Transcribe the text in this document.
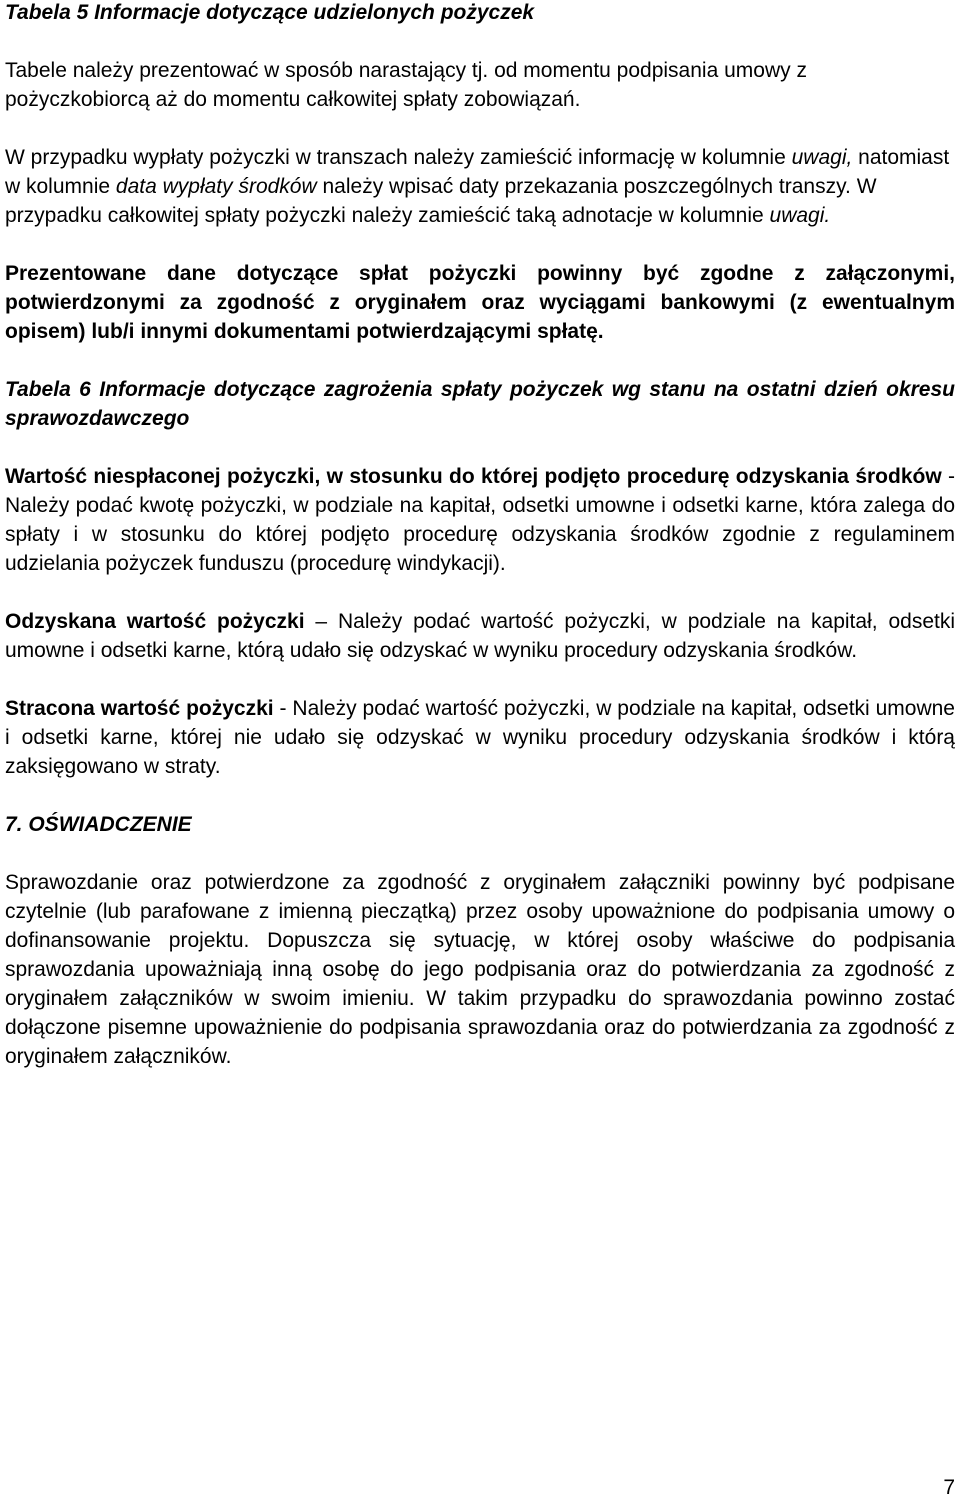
Tabela 5 Informacje dotyczące udzielonych pożyczek

Tabele należy prezentować w sposób narastający tj. od momentu podpisania umowy z pożyczkobiorcą aż do momentu całkowitej spłaty zobowiązań.

W przypadku wypłaty pożyczki w transzach należy zamieścić informację w kolumnie uwagi, natomiast w kolumnie data wypłaty środków należy wpisać daty przekazania poszczególnych transzy. W przypadku całkowitej spłaty pożyczki należy zamieścić taką adnotacje w kolumnie uwagi.

Prezentowane dane dotyczące spłat pożyczki powinny być zgodne z załączonymi, potwierdzonymi za zgodność z oryginałem oraz wyciągami bankowymi (z ewentualnym opisem) lub/i innymi dokumentami potwierdzającymi spłatę.

Tabela 6 Informacje dotyczące zagrożenia spłaty pożyczek wg stanu na ostatni dzień okresu sprawozdawczego

Wartość niespłaconej pożyczki, w stosunku do której podjęto procedurę odzyskania środków - Należy podać kwotę pożyczki, w podziale na kapitał, odsetki umowne i odsetki karne, która zalega do spłaty i w stosunku do której podjęto procedurę odzyskania środków zgodnie z regulaminem udzielania pożyczek funduszu (procedurę windykacji).

Odzyskana wartość pożyczki – Należy podać wartość pożyczki, w podziale na kapitał, odsetki umowne i odsetki karne, którą udało się odzyskać w wyniku procedury odzyskania środków.

Stracona wartość pożyczki - Należy podać wartość pożyczki, w podziale na kapitał, odsetki umowne i odsetki karne, której nie udało się odzyskać w wyniku procedury odzyskania środków i którą zaksięgowano w straty.

7. OŚWIADCZENIE

Sprawozdanie oraz potwierdzone za zgodność z oryginałem załączniki powinny być podpisane czytelnie (lub parafowane z imienną pieczątką) przez osoby upoważnione do podpisania umowy o dofinansowanie projektu. Dopuszcza się sytuację, w której osoby właściwe do podpisania sprawozdania upoważniają inną osobę do jego podpisania oraz do potwierdzania za zgodność z oryginałem załączników w swoim imieniu. W takim przypadku do sprawozdania powinno zostać dołączone pisemne upoważnienie do podpisania sprawozdania oraz do potwierdzania za zgodność z oryginałem załączników.

7
